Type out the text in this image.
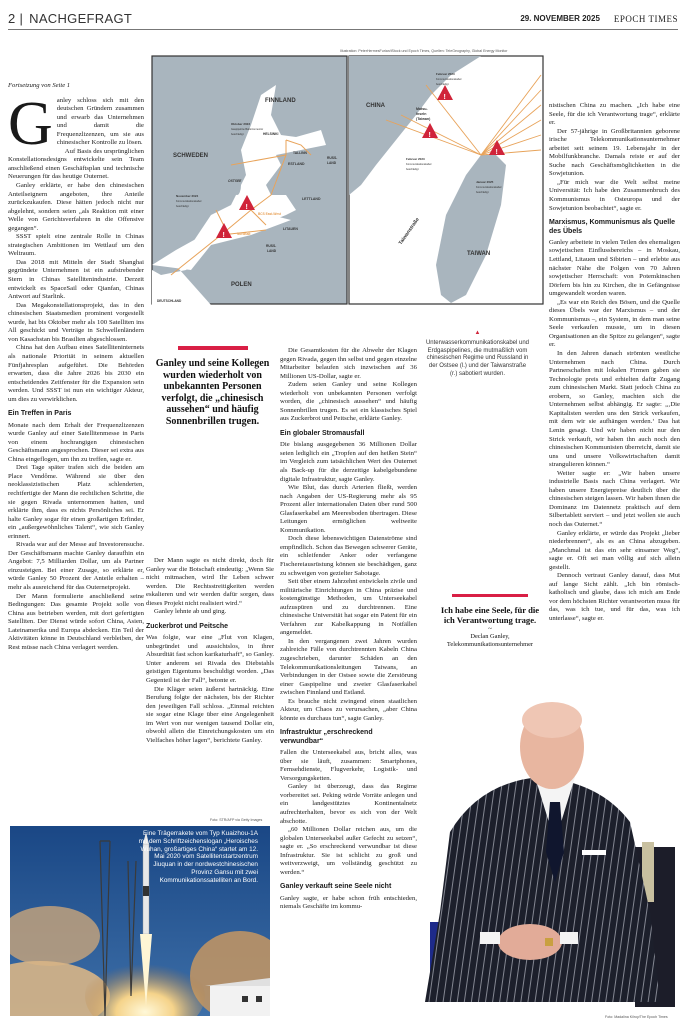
2 | NACHGEFRAGT	29. NOVEMBER 2025 EPOCH TIMES
Illustration: PeterHermesFurian/iStock und Epoch Times, Quellen: TeleGeography, Global Energy Monitor
FINNLAND
SCHWEDEN
ESTLAND
RUSS-
LAND
LETTLAND
LITAUEN
RUSS-
LAND
POLEN
DEUTSCHLAND
HELSINKI
TALLINN
OSTSEE
Oktober 2023
Gaspipeline Balticconnector
beschädigt
November 2024
Kommunikationskabel
beschädigt
BCS East-West
NordBalt
!
!
CHINA
TAIWAN
Matsu-
Inseln
(Taiwan)
Februar 2023
Kommunikationskabel
beschädigt
Februar 2023
Kommunikationskabel
beschädigt
Januar 2025
Kommunikationskabel
beschädigt
Taiwanstraße
!
!
!
▲
Unterwasserkommunikationskabel und Erdgaspipelines, die mutmaßlich vom chinesischen Regime und Russland in der Ostsee (l.) und der Taiwanstraße (r.) sabotiert wurden.
Fortsetzung von Seite 1

Ganley schloss sich mit den deutschen Gründern zusammen und erwarb das Unternehmen und damit die Frequenzlizenzen, um sie aus chinesischer Kontrolle zu lösen.

Auf Basis des ursprünglichen Konstellationsdesigns entwickelte sein Team anschließend einen Geschäftsplan und technische Neuerungen für das heutige Outernet.

Ganley erklärte, er habe den chinesischen Anteilseignern angeboten, ihre Anteile zurückzukaufen. Diese hätten jedoch nicht nur abgelehnt, sondern seien „als Reaktion mit einer Welle von Gerichtsverfahren in die Offensive gegangen“.

SSST spielt eine zentrale Rolle in Chinas strategischen Ambitionen im Wettlauf um den Weltraum.

Das 2018 mit Mitteln der Stadt Shanghai gegründete Unternehmen ist ein aufstrebender Stern in Chinas Satellitenindustrie. Derzeit entwickelt es SpaceSail oder Qianfan, Chinas Antwort auf Starlink.

Das Megakonstellationsprojekt, das in den chinesischen Staatsmedien prominent vorgestellt wurde, hat bis Oktober mehr als 100 Satelliten ins All geschickt und Verträge in Schwellenländern von Kasachstan bis Brasilien abgeschlossen.

China hat den Aufbau eines Satelliteninternets als nationale Priorität in seinem aktuellen Fünfjahresplan aufgeführt. Die Behörden erwarten, dass die Jahre 2026 bis 2030 ein entscheidendes Zeitfenster für die Expansion sein werden. Und SSST ist nun ein wichtiger Akteur, um dies zu verwirklichen.

Ein Treffen in Paris

Monate nach dem Erhalt der Frequenzlizenzen wurde Ganley auf einer Satellitenmesse in Paris von einem hochrangigen chinesischen Geschäftsmann angesprochen. Dieser sei extra aus China eingeflogen, um ihn zu treffen, sagte er.

Drei Tage später trafen sich die beiden am Place Vendôme. Während sie über den neoklassizistischen Platz schlenderten, rechtfertigte der Mann die rechtlichen Schritte, die sie gegen Rivada unternommen hatten, und erklärte ihm, dass es nichts Persönliches sei. Er halte Ganley sogar für einen großartigen Erfinder, ein „außergewöhnliches Talent“, wie sich Ganley erinnert.

Rivada war auf der Messe auf Investorensuche. Der Geschäftsmann machte Ganley daraufhin ein Angebot: 7,5 Milliarden Dollar, um als Partner einzusteigen. Bei einer Zusage, so erklärte er, würde Ganley 50 Prozent der Anteile erhalten – mehr als ausreichend für das Outernetprojekt.

Der Mann formulierte anschließend seine Bedingungen: Das gesamte Projekt solle von China aus betrieben werden, mit dort gefertigten Satelliten. Der Dienst würde sofort China, Asien, Lateinamerika und Europa abdecken. Ein Teil der Aktivitäten könne in Deutschland verbleiben, der Rest müsse nach China verlagert werden.

Ganley und seine Kollegen wurden wiederholt von unbekannten Personen verfolgt, die „chinesisch aussehen“ und häufig Sonnenbrillen trugen.

Der Mann sagte es nicht direkt, doch für Ganley war die Botschaft eindeutig: „Wenn Sie nicht mitmachen, wird Ihr Leben schwer werden. Die Rechtsstreitigkeiten werden eskalieren und wir werden dafür sorgen, dass dieses Projekt nicht realisiert wird.“

Ganley lehnte ab und ging.

Zuckerbrot und Peitsche

Was folgte, war eine „Flut von Klagen, unbegründet und aussichtslos, in ihrer Absurdität fast schon karikaturhaft“, so Ganley. Unter anderem sei Rivada des Diebstahls geistigen Eigentums beschuldigt worden. „Das Gegenteil ist der Fall“, betonte er.

Die Kläger seien äußerst hartnäckig. Eine Berufung folgte der nächsten, bis der Richter den jeweiligen Fall schloss. „Einmal reichten sie sogar eine Klage über eine Angelegenheit im Wert von nur wenigen tausend Dollar ein, obwohl allein die Einreichungskosten um ein Vielfaches höher lagen“, berichtete Ganley.

Foto: STR/AFP via Getty Images
Eine Trägerrakete vom Typ Kuaizhou-1A mit dem Schriftzeichenslogan „Heroisches Wuhan, großartiges China“ startet am 12. Mai 2020 vom Satellitenstartzentrum Jiuquan in der nordwestchinesischen Provinz Gansu mit zwei Kommunikationssatelliten an Bord.

Die Gesamtkosten für die Abwehr der Klagen gegen Rivada, gegen ihn selbst und gegen einzelne Mitarbeiter belaufen sich inzwischen auf 36 Millionen US-Dollar, sagte er.

Zudem seien Ganley und seine Kollegen wiederholt von unbekannten Personen verfolgt worden, die „chinesisch aussehen“ und häufig Sonnenbrillen trugen. Es sei ein klassisches Spiel aus Zuckerbrot und Peitsche, erklärte Ganley.

Ein globaler Stromausfall

Die bislang ausgegebenen 36 Millionen Dollar seien lediglich ein „Tropfen auf den heißen Stein“ im Vergleich zum tatsächlichen Wert des Outernet als Back-up für die derzeitige kabelgebundene digitale Infrastruktur, sagte Ganley.

Wie Blut, das durch Arterien fließt, werden nach Angaben der US-Regierung mehr als 95 Prozent aller internationalen Daten über rund 500 Glasfaserkabel am Meeresboden übertragen. Diese Leitungen ermöglichen weltweite Kommunikation.

Doch diese lebenswichtigen Datenströme sind empfindlich. Schon das Bewegen schwerer Geräte, ein schleifender Anker oder verfangene Fischereiausrüstung können sie beschädigen, ganz zu schweigen von gezielter Sabotage.

Seit über einem Jahrzehnt entwickeln zivile und militärische Einrichtungen in China präzise und kostengünstige Methoden, um Unterseekabel aufzuspüren und zu durchtrennen. Eine chinesische Universität hat sogar ein Patent für ein Verfahren zur Kabelkappung in Notfällen angemeldet.

In den vergangenen zwei Jahren wurden zahlreiche Fälle von durchtrennten Kabeln China zugeschrieben, darunter Schäden an den Telekommunikationsleitungen Taiwans, an Verbindungen in der Ostsee sowie die Zerstörung einer Gaspipeline und zweier Glasfaserkabel zwischen Finnland und Estland.

Es brauche nicht zwingend einen staatlichen Akteur, um Chaos zu verursachen, „aber China könnte es durchaus tun“, sagte Ganley.

Infrastruktur „erschreckend verwundbar“

Fallen die Unterseekabel aus, bricht alles, was über sie läuft, zusammen: Smartphones, Fernsehdienste, Flugverkehr, Logistik- und Versorgungsketten.

Ganley ist überzeugt, dass das Regime vorbereitet sei. Peking würde Vorräte anlegen und ein landgestütztes Kontinentalnetz aufrechterhalten, bevor es sich von der Welt abschotte.

„60 Millionen Dollar reichen aus, um die globalen Unterseekabel außer Gefecht zu setzen“, sagte er. „So erschreckend verwundbar ist diese Infrastruktur. Sie ist schlicht zu groß und weitverzweigt, um vollständig geschützt zu werden.“

Ganley verkauft seine Seele nicht

Ganley sagte, er habe schon früh entschieden, niemals Geschäfte im kommu-

Ich habe eine Seele, für die ich Verantwortung trage.
~
Declan Ganley, Telekommunikationsunternehmer

nistischen China zu machen. „Ich habe eine Seele, für die ich Verantwortung trage“, erklärte er.

Der 57-jährige in Großbritannien geborene irische Telekommunikationsunternehmer arbeitet seit seinem 19. Lebensjahr in der Mobilfunkbranche. Damals reiste er auf der Suche nach Geschäftsmöglichkeiten in die Sowjetunion.

„Für mich war die Welt selbst meine Universität: Ich habe den Zusammenbruch des Kommunismus in Osteuropa und der Sowjetunion beobachtet“, sagte er.

Marxismus, Kommunismus als Quelle des Übels

Ganley arbeitete in vielen Teilen des ehemaligen sowjetischen Einflussbereichs – in Moskau, Lettland, Litauen und Sibirien – und erlebte aus nächster Nähe die Folgen von 70 Jahren sowjetischer Herrschaft: von Potemkinschen Dörfern bis hin zu Kirchen, die in Gefängnisse umgewandelt worden waren.

„Es war ein Reich des Bösen, und die Quelle dieses Übels war der Marxismus – und der Kommunismus –, ein System, in dem man seine Seele verkaufen musste, um in diesen Organisationen an die Spitze zu gelangen“, sagte er.

In den Jahren danach strömten westliche Unternehmen nach China. Durch Partnerschaften mit lokalen Firmen gaben sie Technologie preis und erhielten dafür Zugang zum chinesischen Markt. Statt jedoch China zu erobern, so Ganley, machten sich die Unternehmen selbst abhängig. Er sagte: „‚Die Kapitalisten werden uns den Strick verkaufen, mit dem wir sie aufhängen werden.‘ Das hat Lenin gesagt. Und wir haben nicht nur den Strick verkauft, wir haben ihn auch noch den chinesischen Kommunisten überreicht, damit sie uns und unsere Volkswirtschaften damit strangulieren können.“

Weiter sagte er: „Wir haben unsere industrielle Basis nach China verlagert. Wir haben unsere Energiepreise deutlich über die chinesischen steigen lassen. Wir haben ihnen die Dominanz im Datennetz praktisch auf dem Silbertablett serviert – und jetzt wollen sie auch noch das Outernet.“

Ganley erklärte, er würde das Projekt „lieber niederbrennen“, als es an China abzugeben. „Manchmal ist das ein sehr einsamer Weg“, sagte er. Oft sei man völlig auf sich allein gestellt.

Dennoch vertraut Ganley darauf, dass Mut auf lange Sicht zählt. „Ich bin römisch-katholisch und glaube, dass ich mich am Ende vor dem höchsten Richter verantworten muss für das, was ich tue, und für das, was ich unterlasse“, sagte er.

Foto: Madalina Kilroy/The Epoch Times
